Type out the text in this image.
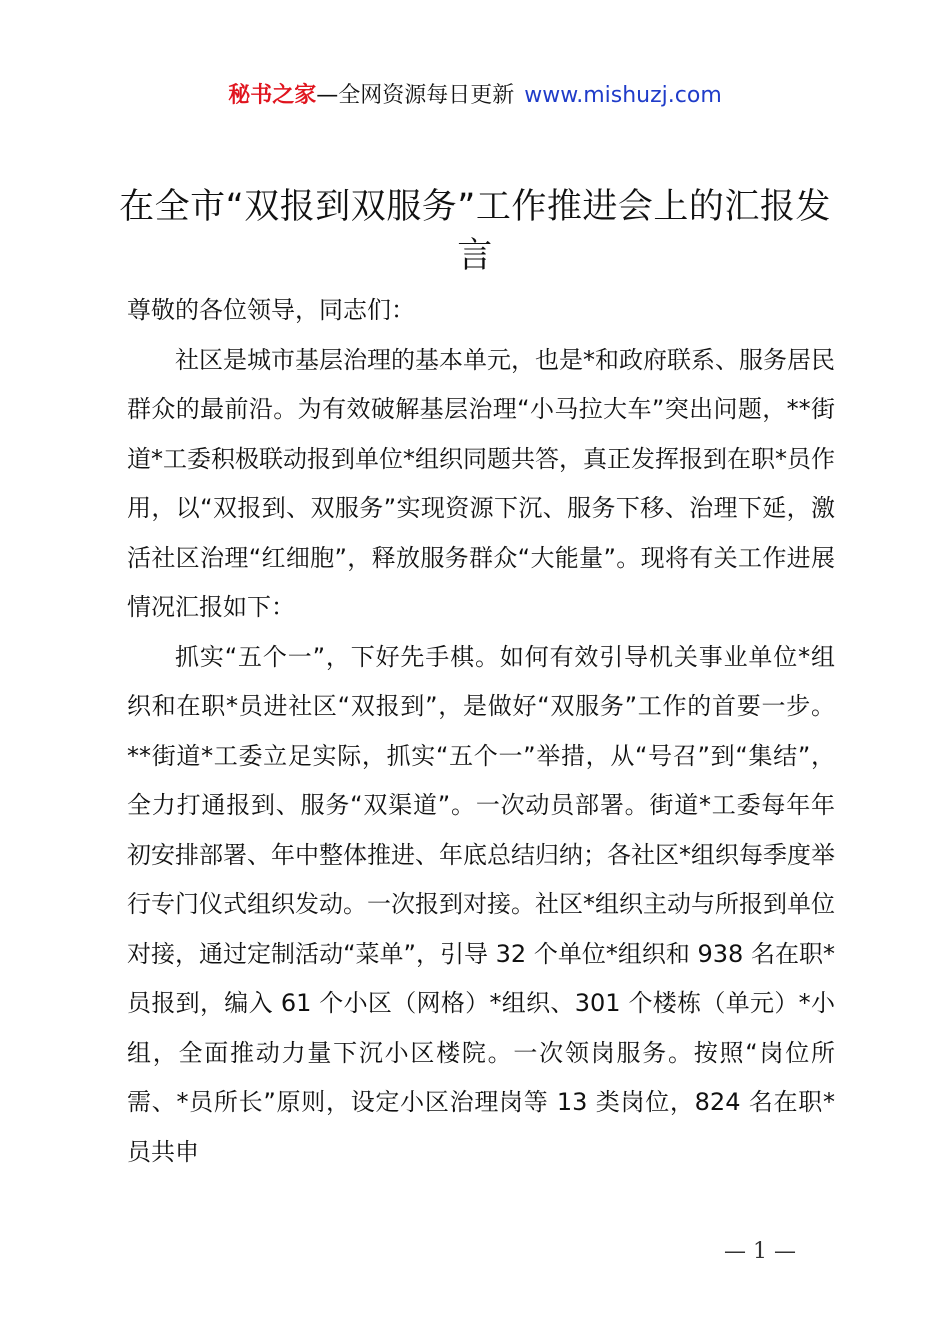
秘书之家—全网资源每日更新 www.mishuzj.com
在全市“双报到双服务”工作推进会上的汇报发言

尊敬的各位领导，同志们：

社区是城市基层治理的基本单元，也是*和政府联系、服务居民群众的最前沿。为有效破解基层治理“小马拉大车”突出问题，**街道*工委积极联动报到单位*组织同题共答，真正发挥报到在职*员作用，以“双报到、双服务”实现资源下沉、服务下移、治理下延，激活社区治理“红细胞”，释放服务群众“大能量”。现将有关工作进展情况汇报如下：

抓实“五个一”，下好先手棋。如何有效引导机关事业单位*组织和在职*员进社区“双报到”，是做好“双服务”工作的首要一步。**街道*工委立足实际，抓实“五个一”举措，从“号召”到“集结”，全力打通报到、服务“双渠道”。一次动员部署。街道*工委每年年初安排部署、年中整体推进、年底总结归纳；各社区*组织每季度举行专门仪式组织发动。一次报到对接。社区*组织主动与所报到单位对接，通过定制活动“菜单”，引导 32 个单位*组织和 938 名在职*员报到，编入 61 个小区（网格）*组织、301 个楼栋（单元）*小组，全面推动力量下沉小区楼院。一次领岗服务。按照“岗位所需、*员所长”原则，设定小区治理岗等 13 类岗位，824 名在职*员共申

— 1 —
